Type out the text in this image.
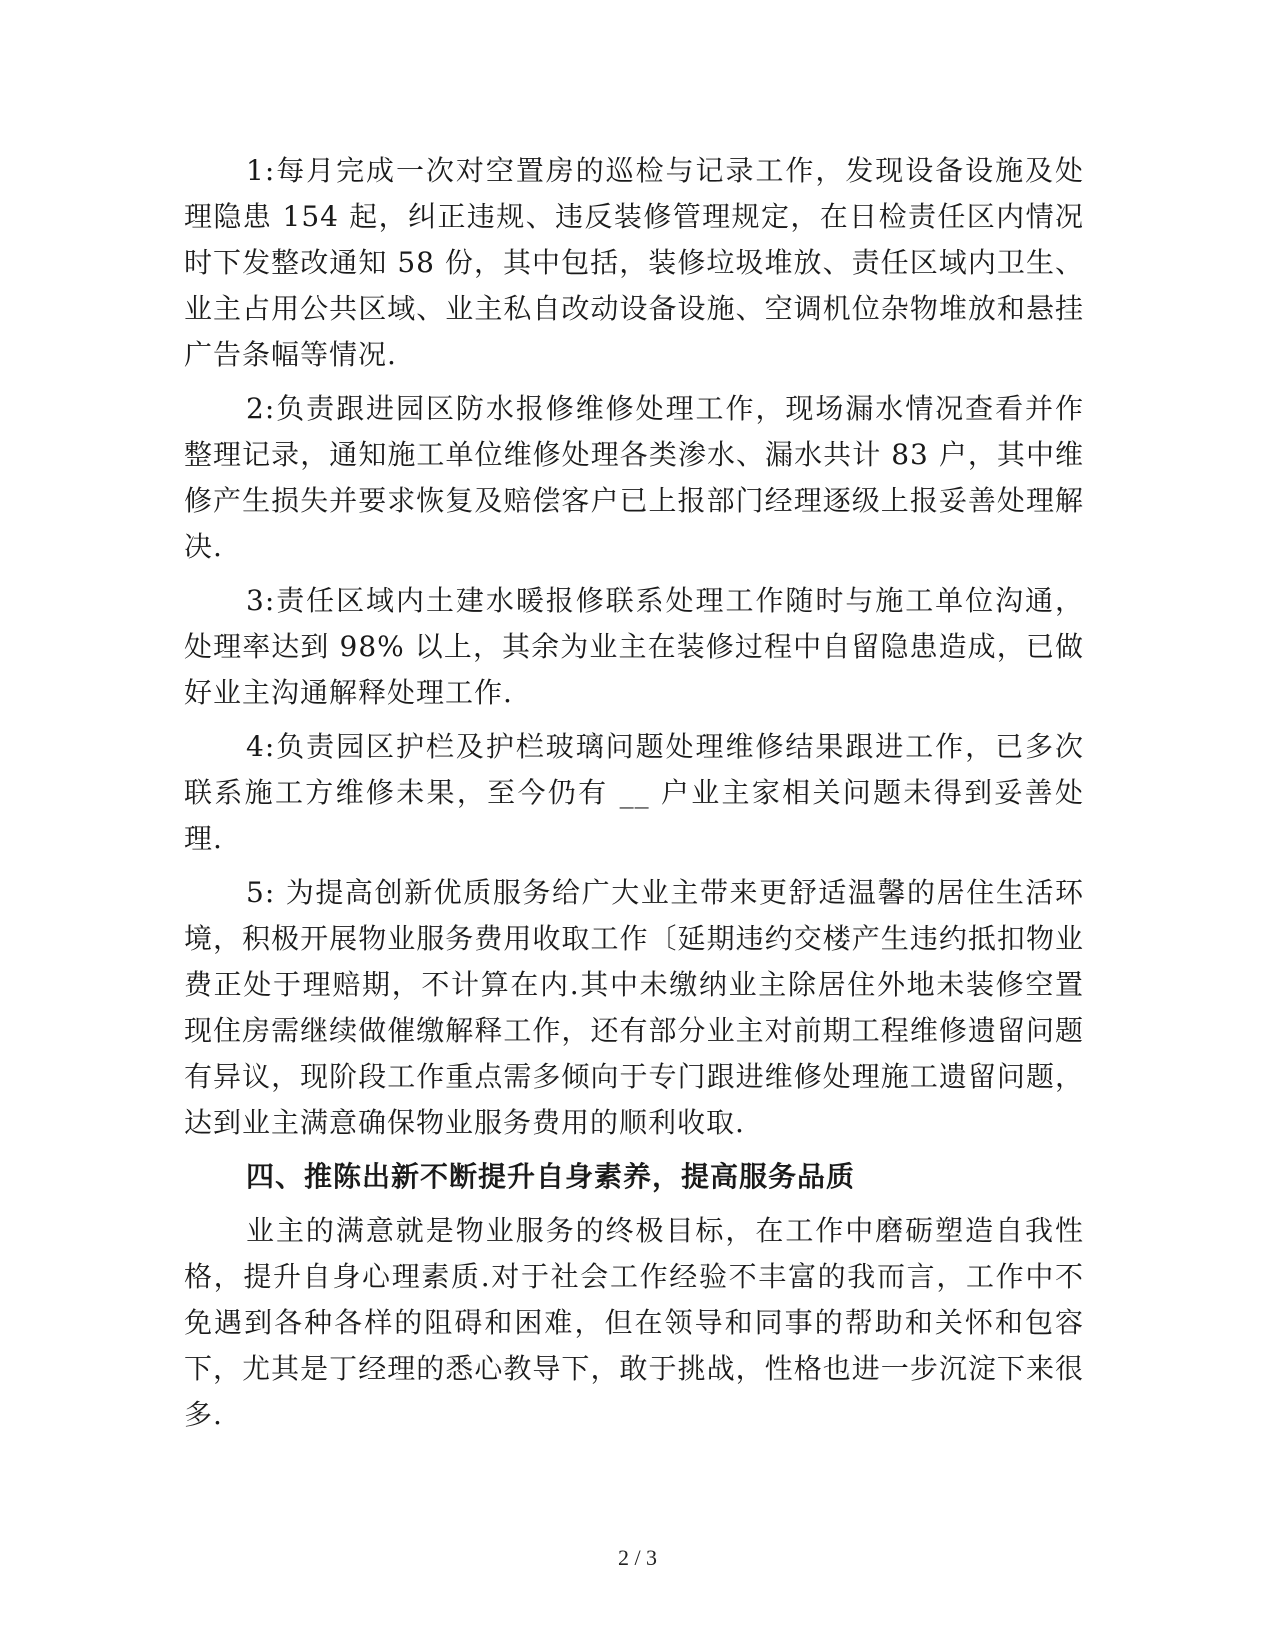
1:每月完成一次对空置房的巡检与记录工作，发现设备设施及处理隐患 154 起，纠正违规、违反装修管理规定，在日检责任区内情况时下发整改通知 58 份，其中包括，装修垃圾堆放、责任区域内卫生、业主占用公共区域、业主私自改动设备设施、空调机位杂物堆放和悬挂广告条幅等情况.

2:负责跟进园区防水报修维修处理工作，现场漏水情况查看并作整理记录，通知施工单位维修处理各类渗水、漏水共计 83 户，其中维修产生损失并要求恢复及赔偿客户已上报部门经理逐级上报妥善处理解决.

3:责任区域内土建水暖报修联系处理工作随时与施工单位沟通，处理率达到 98% 以上，其余为业主在装修过程中自留隐患造成，已做好业主沟通解释处理工作.

4:负责园区护栏及护栏玻璃问题处理维修结果跟进工作，已多次联系施工方维修未果，至今仍有 __ 户业主家相关问题未得到妥善处理.

5: 为提高创新优质服务给广大业主带来更舒适温馨的居住生活环境，积极开展物业服务费用收取工作〔延期违约交楼产生违约抵扣物业费正处于理赔期，不计算在内.其中未缴纳业主除居住外地未装修空置现住房需继续做催缴解释工作，还有部分业主对前期工程维修遗留问题有异议，现阶段工作重点需多倾向于专门跟进维修处理施工遗留问题，达到业主满意确保物业服务费用的顺利收取.

四、推陈出新不断提升自身素养，提高服务品质

业主的满意就是物业服务的终极目标，在工作中磨砺塑造自我性格，提升自身心理素质.对于社会工作经验不丰富的我而言，工作中不免遇到各种各样的阻碍和困难，但在领导和同事的帮助和关怀和包容下，尤其是丁经理的悉心教导下，敢于挑战，性格也进一步沉淀下来很多.

2 / 3
